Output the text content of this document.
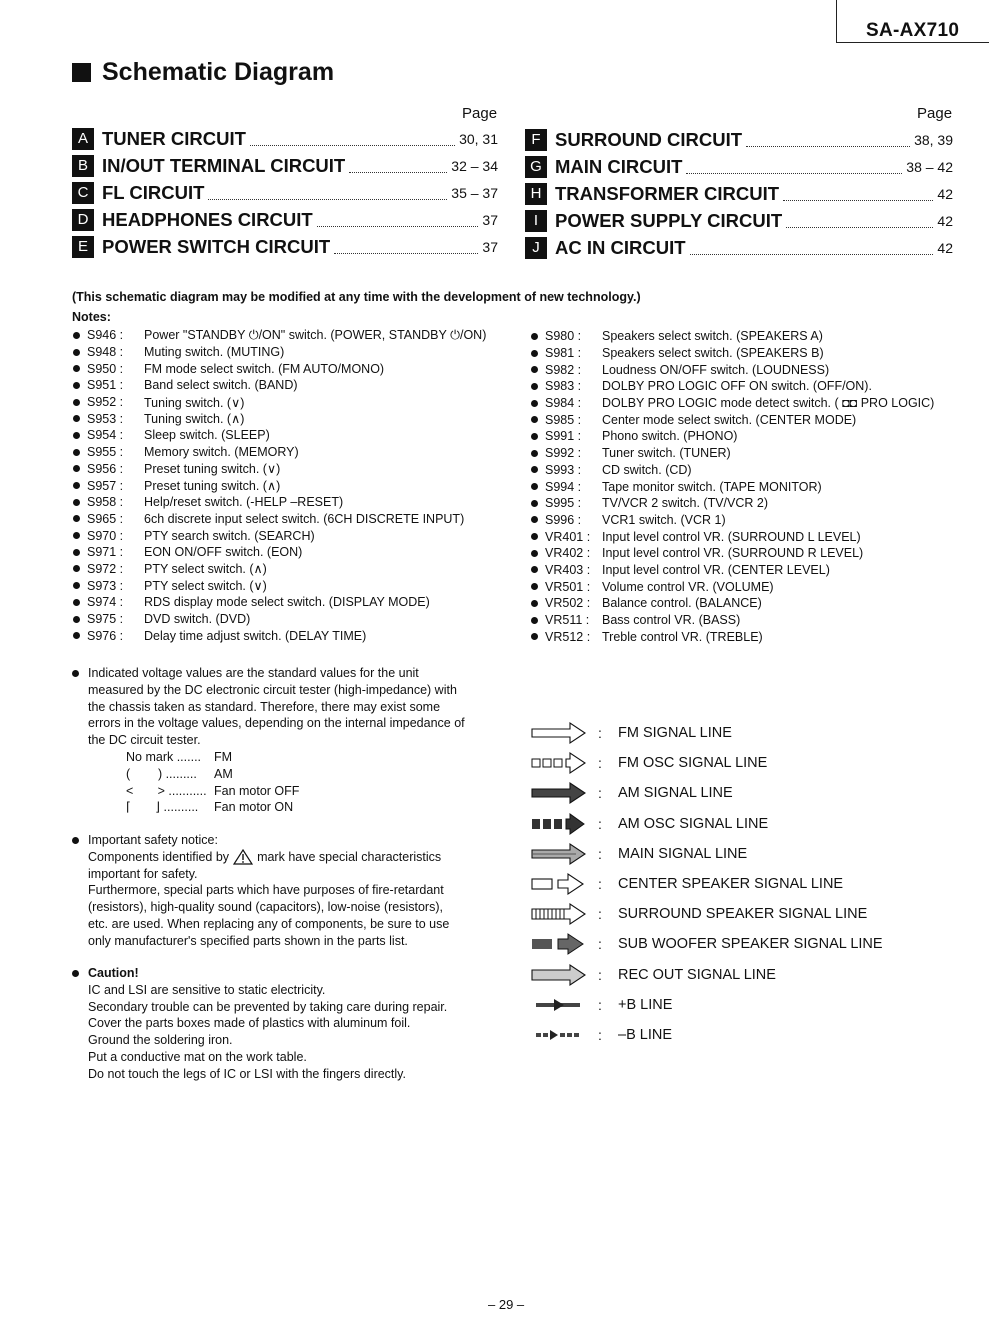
SA-AX710
Schematic Diagram
Page	Page
A TUNER CIRCUIT	30, 31
B IN/OUT TERMINAL CIRCUIT	32 – 34
C FL CIRCUIT	35 – 37
D HEADPHONES CIRCUIT	37
E POWER SWITCH CIRCUIT	37
F SURROUND CIRCUIT	38, 39
G MAIN CIRCUIT	38 – 42
H TRANSFORMER CIRCUIT	42
I POWER SUPPLY CIRCUIT	42
J AC IN CIRCUIT	42
(This schematic diagram may be modified at any time with the development of new technology.)
Notes:
S946 :	Power "STANDBY ⏻/ON" switch. (POWER, STANDBY ⏻/ON)
S948 :	Muting switch. (MUTING)
S950 :	FM mode select switch. (FM AUTO/MONO)
S951 :	Band select switch. (BAND)
S952 :	Tuning switch. (∨)
S953 :	Tuning switch. (∧)
S954 :	Sleep switch. (SLEEP)
S955 :	Memory switch. (MEMORY)
S956 :	Preset tuning switch. (∨)
S957 :	Preset tuning switch. (∧)
S958 :	Help/reset switch. (-HELP –RESET)
S965 :	6ch discrete input select switch. (6CH DISCRETE INPUT)
S970 :	PTY search switch. (SEARCH)
S971 :	EON ON/OFF switch. (EON)
S972 :	PTY select switch. (∧)
S973 :	PTY select switch. (∨)
S974 :	RDS display mode select switch. (DISPLAY MODE)
S975 :	DVD switch. (DVD)
S976 :	Delay time adjust switch. (DELAY TIME)
S980 :	Speakers select switch. (SPEAKERS A)
S981 :	Speakers select switch. (SPEAKERS B)
S982 :	Loudness ON/OFF switch. (LOUDNESS)
S983 :	DOLBY PRO LOGIC OFF ON switch. (OFF/ON).
S984 :	DOLBY PRO LOGIC mode detect switch. ( ◘◘ PRO LOGIC)
S985 :	Center mode select switch. (CENTER MODE)
S991 :	Phono switch. (PHONO)
S992 :	Tuner switch. (TUNER)
S993 :	CD switch. (CD)
S994 :	Tape monitor switch. (TAPE MONITOR)
S995 :	TV/VCR 2 switch. (TV/VCR 2)
S996 :	VCR1 switch. (VCR 1)
VR401 : Input level control VR. (SURROUND L LEVEL)
VR402 : Input level control VR. (SURROUND R LEVEL)
VR403 : Input level control VR. (CENTER LEVEL)
VR501 : Volume control VR. (VOLUME)
VR502 : Balance control. (BALANCE)
VR511 :	Bass control VR. (BASS)
VR512 : Treble control VR. (TREBLE)
Indicated voltage values are the standard values for the unit
measured by the DC electronic circuit tester (high-impedance) with
the chassis taken as standard. Therefore, there may exist some
errors in the voltage values, depending on the internal impedance of
the DC circuit tester.
No mark .......	FM
(        ) .........	AM
<       > ........... Fan motor OFF
⌈       ⌋ ..........	Fan motor ON
Important safety notice:
Components identified by mark have special characteristics
important for safety.
Furthermore, special parts which have purposes of fire-retardant
(resistors), high-quality sound (capacitors), low-noise (resistors),
etc. are used. When replacing any of components, be sure to use
only manufacturer's specified parts shown in the parts list.
Caution!
IC and LSI are sensitive to static electricity.
Secondary trouble can be prevented by taking care during repair.
Cover the parts boxes made of plastics with aluminum foil.
Ground the soldering iron.
Put a conductive mat on the work table.
Do not touch the legs of IC or LSI with the fingers directly.
:	FM SIGNAL LINE
:	FM OSC SIGNAL LINE
:	AM SIGNAL LINE
:	AM OSC SIGNAL LINE
:	MAIN SIGNAL LINE
:	CENTER SPEAKER SIGNAL LINE
:	SURROUND SPEAKER SIGNAL LINE
:	SUB WOOFER SPEAKER SIGNAL LINE
:	REC OUT SIGNAL LINE
:	+B LINE
:	–B LINE
– 29 –
